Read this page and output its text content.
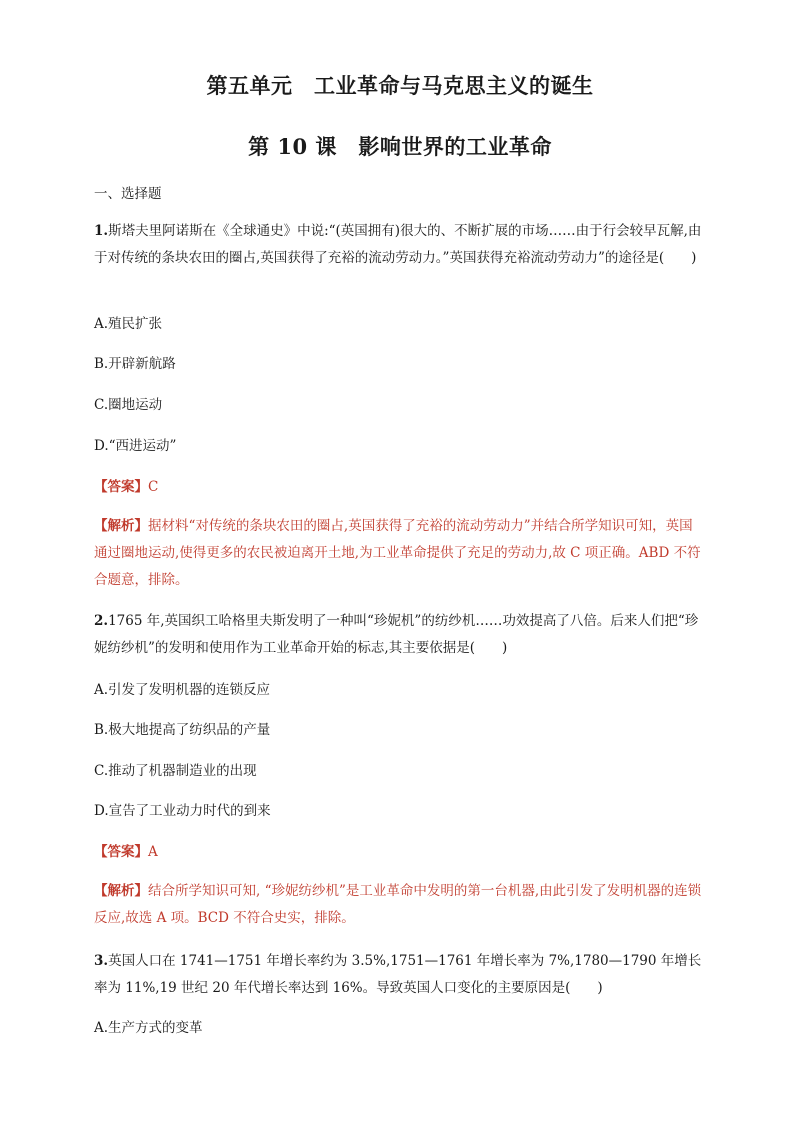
第五单元　工业革命与马克思主义的诞生
第 10 课　影响世界的工业革命
一、选择题
1.斯塔夫里阿诺斯在《全球通史》中说:“(英国拥有)很大的、不断扩展的市场……由于行会较早瓦解,由于对传统的条块农田的圈占,英国获得了充裕的流动劳动力。”英国获得充裕流动劳动力”的途径是(　　)
A.殖民扩张
B.开辟新航路
C.圈地运动
D.“西进运动”
【答案】C
【解析】据材料“对传统的条块农田的圈占,英国获得了充裕的流动劳动力”并结合所学知识可知，英国通过圈地运动,使得更多的农民被迫离开土地,为工业革命提供了充足的劳动力,故 C 项正确。ABD 不符合题意，排除。
2.1765 年,英国织工哈格里夫斯发明了一种叫“珍妮机”的纺纱机……功效提高了八倍。后来人们把“珍妮纺纱机”的发明和使用作为工业革命开始的标志,其主要依据是(　　)
A.引发了发明机器的连锁反应
B.极大地提高了纺织品的产量
C.推动了机器制造业的出现
D.宣告了工业动力时代的到来
【答案】A
【解析】结合所学知识可知, “珍妮纺纱机”是工业革命中发明的第一台机器,由此引发了发明机器的连锁反应,故选 A 项。BCD 不符合史实，排除。
3.英国人口在 1741—1751 年增长率约为 3.5%,1751—1761 年增长率为 7%,1780—1790 年增长率为 11%,19 世纪 20 年代增长率达到 16%。导致英国人口变化的主要原因是(　　)
A.生产方式的变革
